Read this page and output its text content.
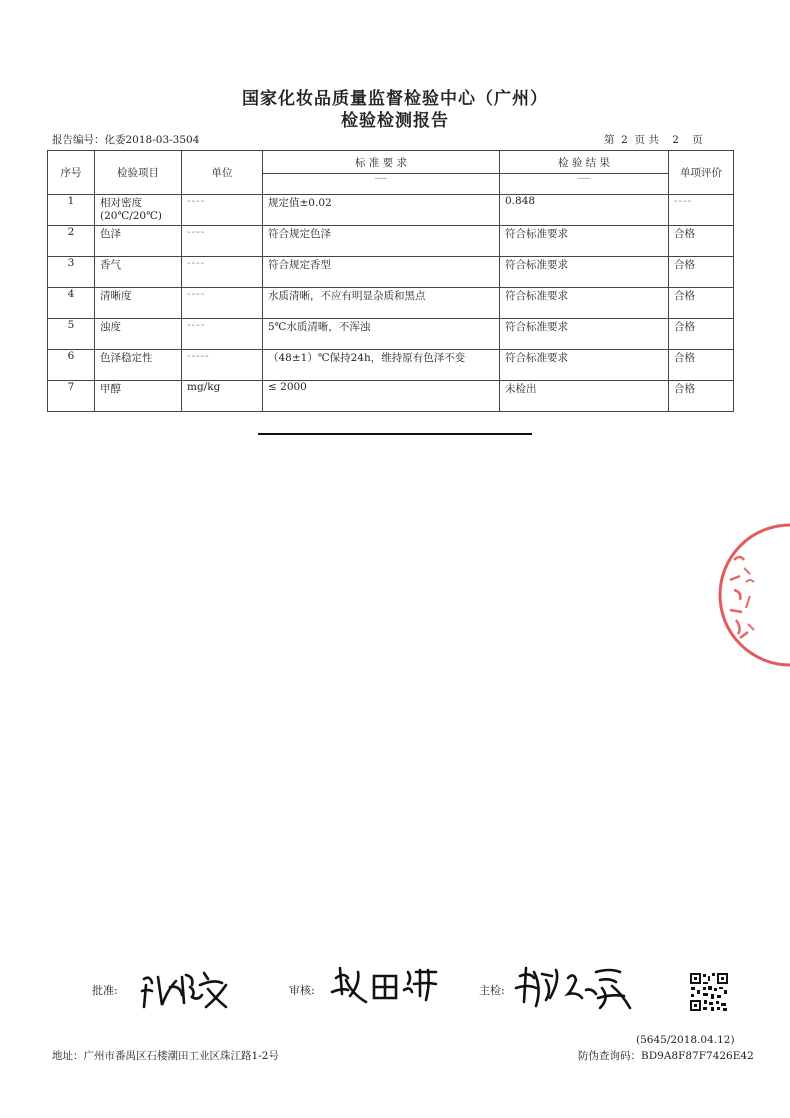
国家化妆品质量监督检验中心（广州）
检验检测报告
报告编号：化委2018-03-3504	第  2  页 共    2    页
序号	检验项目	单位	标 准 要 求	检 验 结 果	单项评价
			----	----	
1	相对密度
(20℃/20℃)	----	规定值±0.02	0.848	----
2	色泽	----	符合规定色泽	符合标准要求	合格
3	香气	----	符合规定香型	符合标准要求	合格
4	清晰度	----	水质清晰，不应有明显杂质和黑点	符合标准要求	合格
5	浊度	----	5℃水质清晰，不浑浊	符合标准要求	合格
6	色泽稳定性	-----	（48±1）℃保持24h，维持原有色泽不变	符合标准要求	合格
7	甲醇	mg/kg	≤ 2000	未检出	合格
批准:	审核:	主检:
(5645/2018.04.12)
地址：广州市番禺区石楼潮田工业区珠江路1-2号	防伪查询码：BD9A8F87F7426E42
